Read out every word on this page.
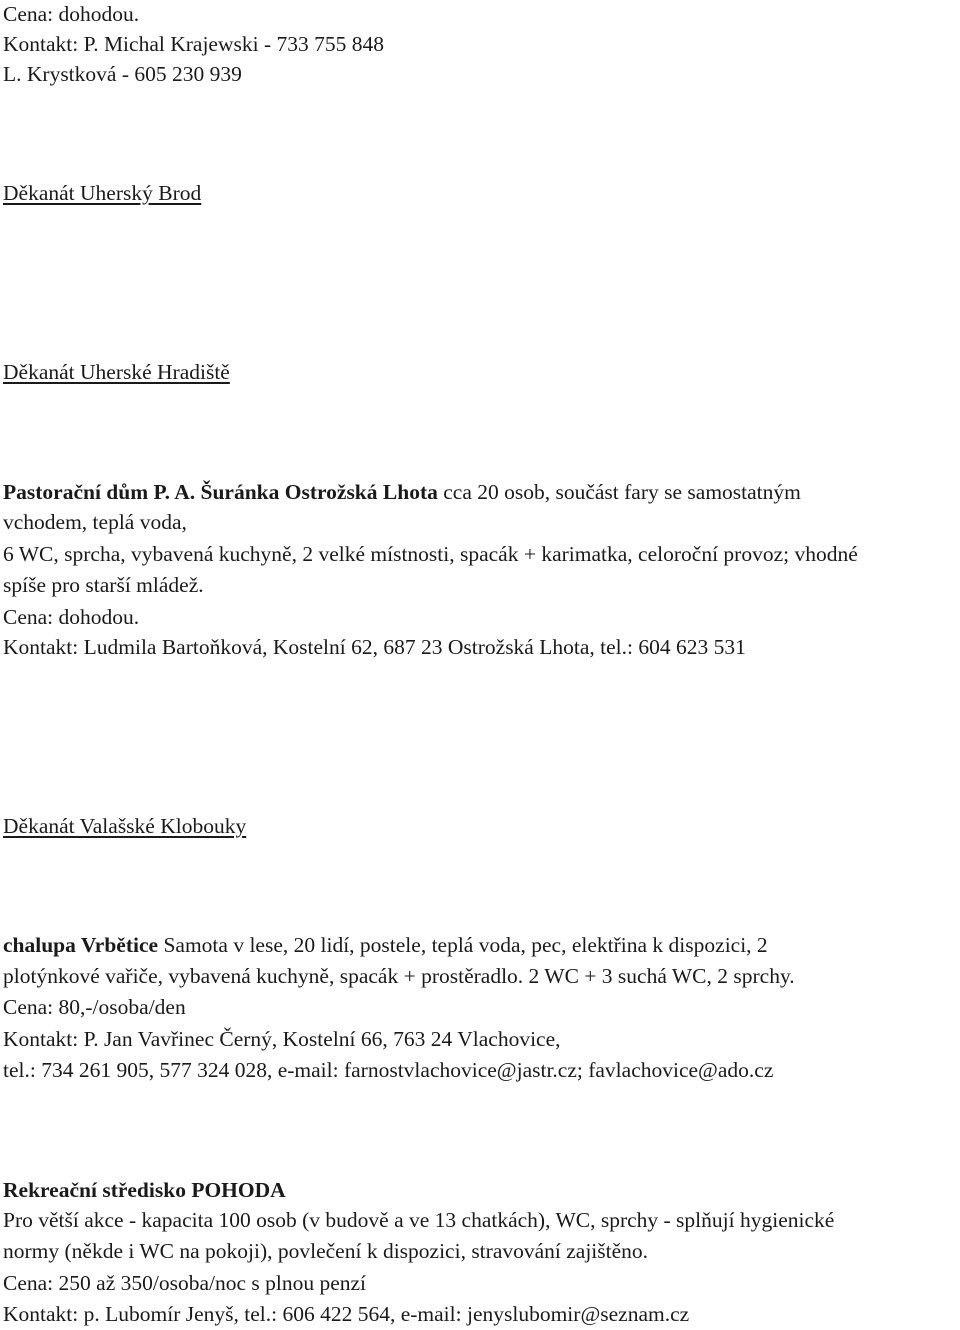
Cena: dohodou.
Kontakt: P. Michal Krajewski - 733 755 848
L. Krystková - 605 230 939
Děkanát Uherský Brod
Děkanát Uherské Hradiště
Pastorační dům P. A. Šuránka Ostrožská Lhota cca 20 osob, součást fary se samostatným
vchodem, teplá voda,
6 WC, sprcha, vybavená kuchyně, 2 velké místnosti, spacák + karimatka, celoroční provoz; vhodné
spíše pro starší mládež.
Cena: dohodou.
Kontakt: Ludmila Bartoňková, Kostelní 62, 687 23 Ostrožská Lhota, tel.: 604 623 531
Děkanát Valašské Klobouky
chalupa Vrbětice Samota v lese, 20 lidí, postele, teplá voda, pec, elektřina k dispozici, 2
plotýnkové vařiče, vybavená kuchyně, spacák + prostěradlo. 2 WC + 3 suchá WC, 2 sprchy.
Cena: 80,-/osoba/den
Kontakt: P. Jan Vavřinec Černý, Kostelní 66, 763 24 Vlachovice,
tel.: 734 261 905, 577 324 028, e-mail: farnostvlachovice@jastr.cz; favlachovice@ado.cz
Rekreační středisko POHODA
Pro větší akce - kapacita 100 osob (v budově a ve 13 chatkách), WC, sprchy - splňují hygienické
normy (někde i WC na pokoji), povlečení k dispozici, stravování zajištěno.
Cena: 250 až 350/osoba/noc s plnou penzí
Kontakt: p. Lubomír Jenyš, tel.: 606 422 564, e-mail: jenyslubomir@seznam.cz
